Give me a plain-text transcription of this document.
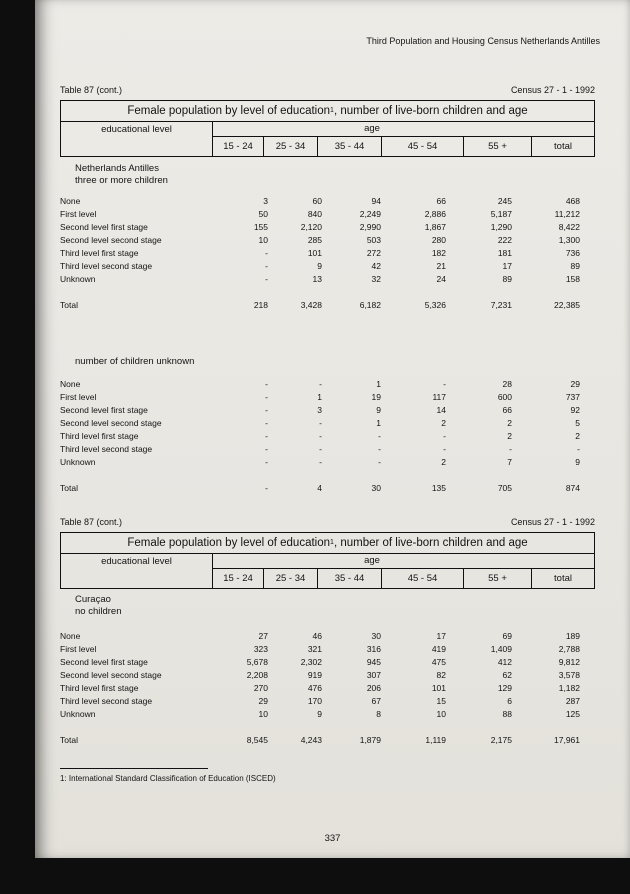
Third Population and Housing Census Netherlands Antilles
Table 87 (cont.)	Census 27 - 1 - 1992
Female population by level of education 1 , number of live-born children and age
educational level	age
15 - 24	25 - 34	35 - 44	45 - 54	55 +	total
Netherlands Antilles
three or more children
None	3	60	94	66	245	468
First level	50	840	2,249	2,886	5,187	11,212
Second level first stage	155	2,120	2,990	1,867	1,290	8,422
Second level second stage	10	285	503	280	222	1,300
Third level first stage	-	101	272	182	181	736
Third level second stage	-	9	42	21	17	89
Unknown	-	13	32	24	89	158
Total	218	3,428	6,182	5,326	7,231	22,385
number of children unknown
None	-	-	1	-	28	29
First level	-	1	19	117	600	737
Second level first stage	-	3	9	14	66	92
Second level second stage	-	-	1	2	2	5
Third level first stage	-	-	-	-	2	2
Third level second stage	-	-	-	-	-	-
Unknown	-	-	-	2	7	9
Total	-	4	30	135	705	874
Table 87 (cont.)	Census 27 - 1 - 1992
Female population by level of education 1 , number of live-born children and age
educational level	age
15 - 24	25 - 34	35 - 44	45 - 54	55 +	total
Curaçao
no children
None	27	46	30	17	69	189
First level	323	321	316	419	1,409	2,788
Second level first stage	5,678	2,302	945	475	412	9,812
Second level second stage	2,208	919	307	82	62	3,578
Third level first stage	270	476	206	101	129	1,182
Third level second stage	29	170	67	15	6	287
Unknown	10	9	8	10	88	125
Total	8,545	4,243	1,879	1,119	2,175	17,961
1: International Standard Classification of Education (ISCED)
337
